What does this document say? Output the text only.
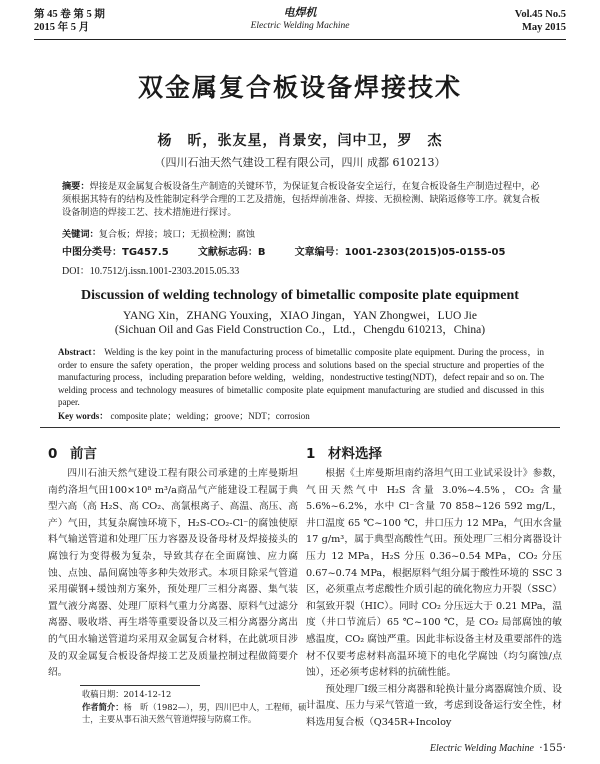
第 45 卷 第 5 期
2015 年 5 月
电焊机
Electric Welding Machine
Vol.45 No.5
May 2015
双金属复合板设备焊接技术
杨　昕，张友星，肖景安，闫中卫，罗　杰
（四川石油天然气建设工程有限公司，四川 成都 610213）
摘要：焊接是双金属复合板设备生产制造的关键环节，为保证复合板设备安全运行，在复合板设备生产制造过程中，必须根据其特有的结构及性能制定科学合理的工艺及措施，包括焊前准备、焊接、无损检测、缺陷返修等工序。就复合板设备制造的焊接工艺、技术措施进行探讨。
关键词：复合板；焊接；坡口；无损检测；腐蚀
中图分类号：TG457.5	文献标志码：B	文章编号：1001-2303(2015)05-0155-05
DOI：10.7512/j.issn.1001-2303.2015.05.33
Discussion of welding technology of bimetallic composite plate equipment
YANG Xin，ZHANG Youxing，XIAO Jingan，YAN Zhongwei，LUO Jie
(Sichuan Oil and Gas Field Construction Co.，Ltd.，Chengdu 610213，China)
Abstract： Welding is the key point in the manufacturing process of bimetallic composite plate equipment. During the process，in order to ensure the safety operation，the proper welding process and solutions based on the special structure and properties of the manufacturing process，including preparation before welding，welding，nondestructive testing(NDT)，defect repair and so on. The welding process and technology measures of bimetallic composite plate equipment manufacturing are studied and discussed in this paper.
Key words： composite plate；welding；groove；NDT；corrosion
0 前言
四川石油天然气建设工程有限公司承建的土库曼斯坦南约洛坦气田100×10⁸ m³/a商品气产能建设工程属于典型六高（高 H₂S、高 CO₂、高氯根离子、高温、高压、高产）气田，其复杂腐蚀环境下，H₂S-CO₂-Cl⁻的腐蚀使原料气输送管道和处理厂压力容器及设备母材及焊接接头的腐蚀行为变得极为复杂，导致其存在全面腐蚀、应力腐蚀、点蚀、晶间腐蚀等多种失效形式。本项目除采气管道采用碳钢+缓蚀剂方案外，预处理厂三相分离器、集气装置气液分离器、处理厂原料气重力分离器、原料气过滤分离器、吸收塔、再生塔等重要设备以及三相分离器分离出的气田水输送管道均采用双金属复合材料，在此就项目涉及的双金属复合板设备焊接工艺及质量控制过程做简要介绍。
1 材料选择
根据《土库曼斯坦南约洛坦气田工业试采设计》参数，气田天然气中 H₂S 含量 3.0%~4.5%，CO₂ 含量 5.6%~6.2%，水中 Cl⁻含量 70 858~126 592 mg/L，井口温度 65 ℃~100 ℃，井口压力 12 MPa，气田水含量 17 g/m³，属于典型高酸性气田。预处理厂三相分离器设计压力 12 MPa，H₂S 分压 0.36~0.54 MPa，CO₂ 分压 0.67~0.74 MPa，根据原料气组分属于酸性环境的 SSC 3 区，必须重点考虑酸性介质引起的硫化物应力开裂（SSC）和氢致开裂（HIC）。同时 CO₂ 分压远大于 0.21 MPa，温度（井口节流后）65 ℃~100 ℃，是 CO₂ 局部腐蚀的敏感温度，CO₂ 腐蚀严重。因此非标设备主材及重要部件的选材不仅要考虑材料高温环境下的电化学腐蚀（均匀腐蚀/点蚀），还必须考虑材料的抗硫性能。
预处理厂Ⅰ级三相分离器和轮换计量分离器腐蚀介质、设计温度、压力与采气管道一致，考虑到设备运行安全性，材料选用复合板（Q345R+Incoloy
收稿日期：2014-12-12
作者简介：杨　昕（1982—），男，四川巴中人，工程师，硕士，主要从事石油天然气管道焊接与防腐工作。
Electric Welding Machine ·155·
